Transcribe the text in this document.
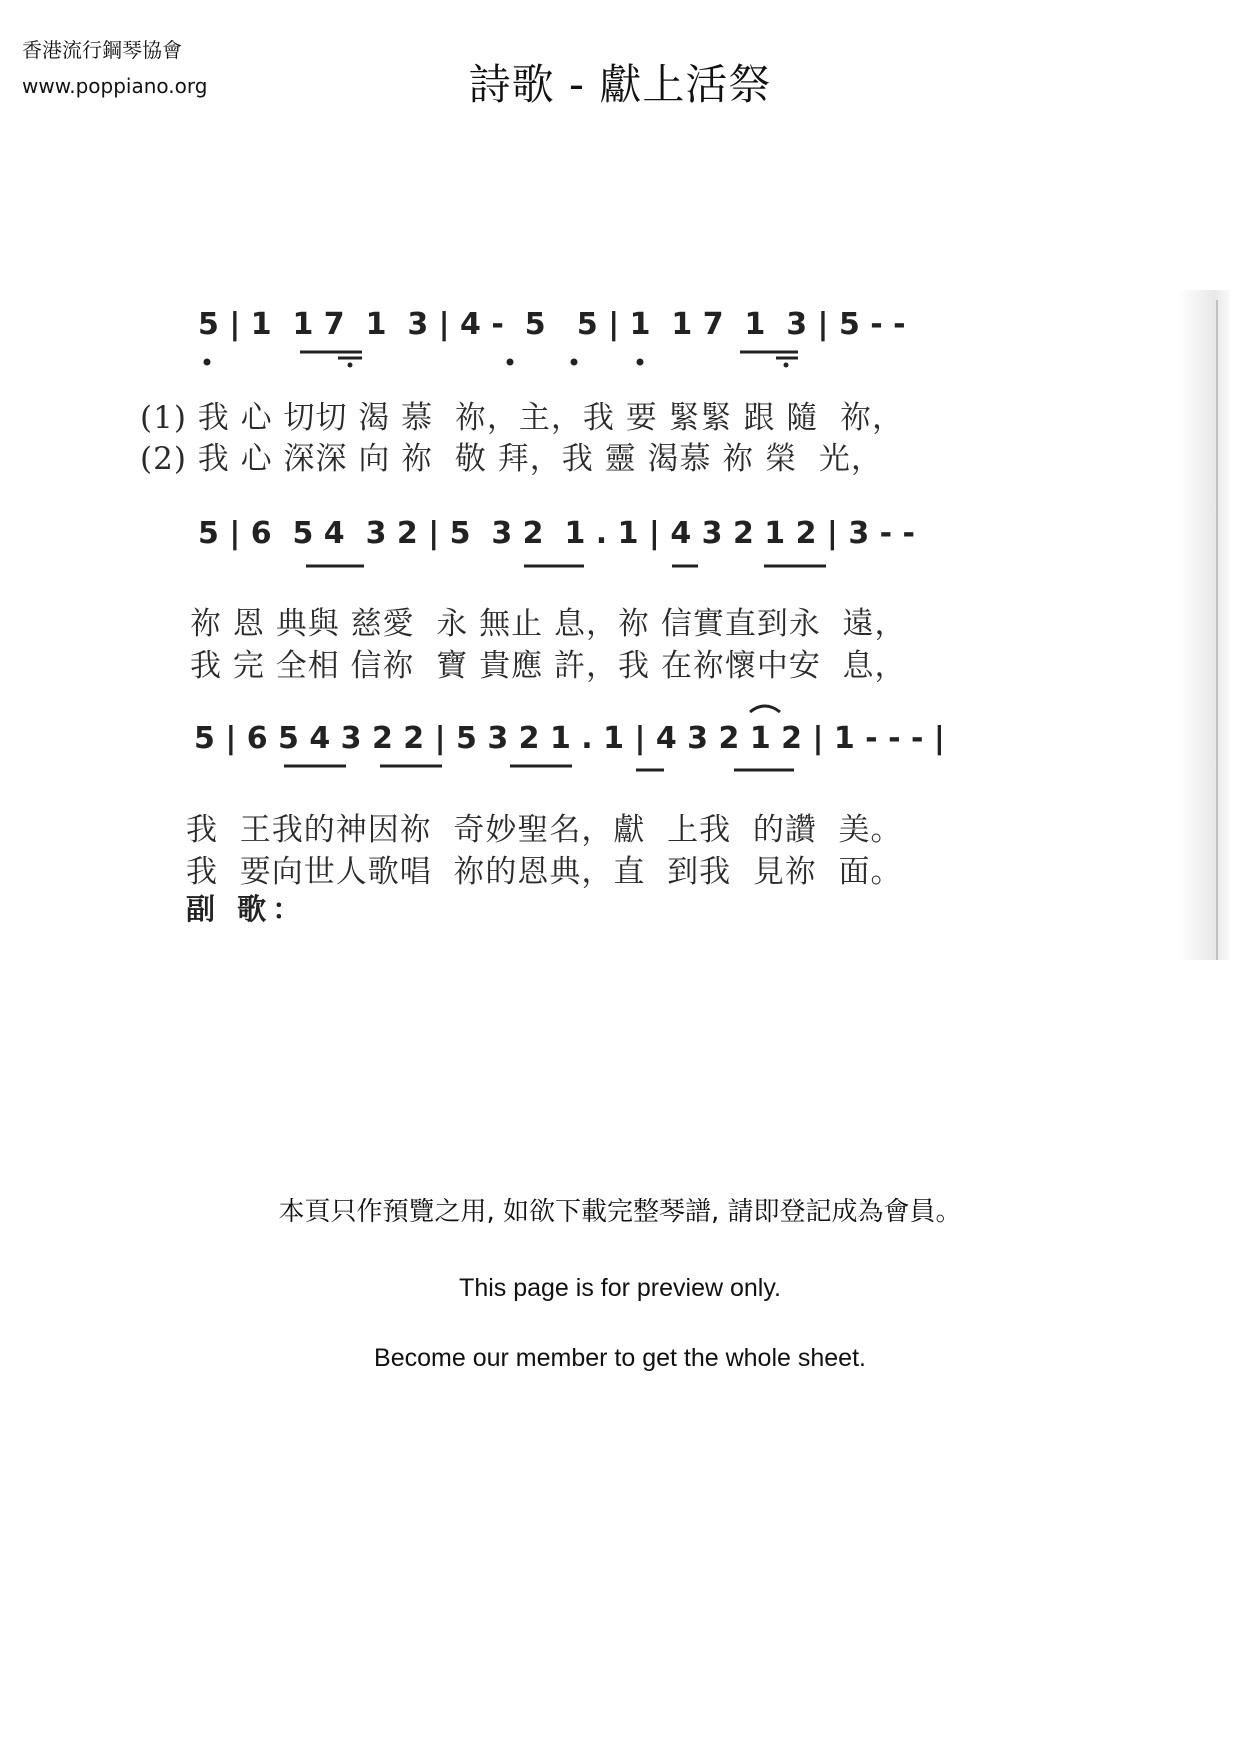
香港流行鋼琴協會
www.poppiano.org	詩歌 - 獻上活祭
5 | 1  1 7  1  3 | 4 -  5   5 | 1  1 7  1  3 | 5 - -
(1) 我 心 切切 渴 慕  祢，主，我 要 緊緊 跟 隨  祢，
(2) 我 心 深深 向 祢  敬 拜，我 靈 渴慕 祢 榮  光，
5 | 6  5 4  3 2 | 5  3 2  1 . 1 | 4 3 2 1 2 | 3 - -
祢 恩 典與 慈愛  永 無止 息，祢 信實直到永  遠，
我 完 全相 信祢  寶 貴應 許，我 在祢懷中安  息，
5 | 6 5 4 3 2 2 | 5 3 2 1 . 1 | 4 3 2 1 2 | 1 - - - |
我  王我的神因祢  奇妙聖名，獻  上我  的讚  美。
我  要向世人歌唱  祢的恩典，直  到我  見祢  面。
副 歌：
本頁只作預覽之用, 如欲下載完整琴譜, 請即登記成為會員。
This page is for preview only.
Become our member to get the whole sheet.
